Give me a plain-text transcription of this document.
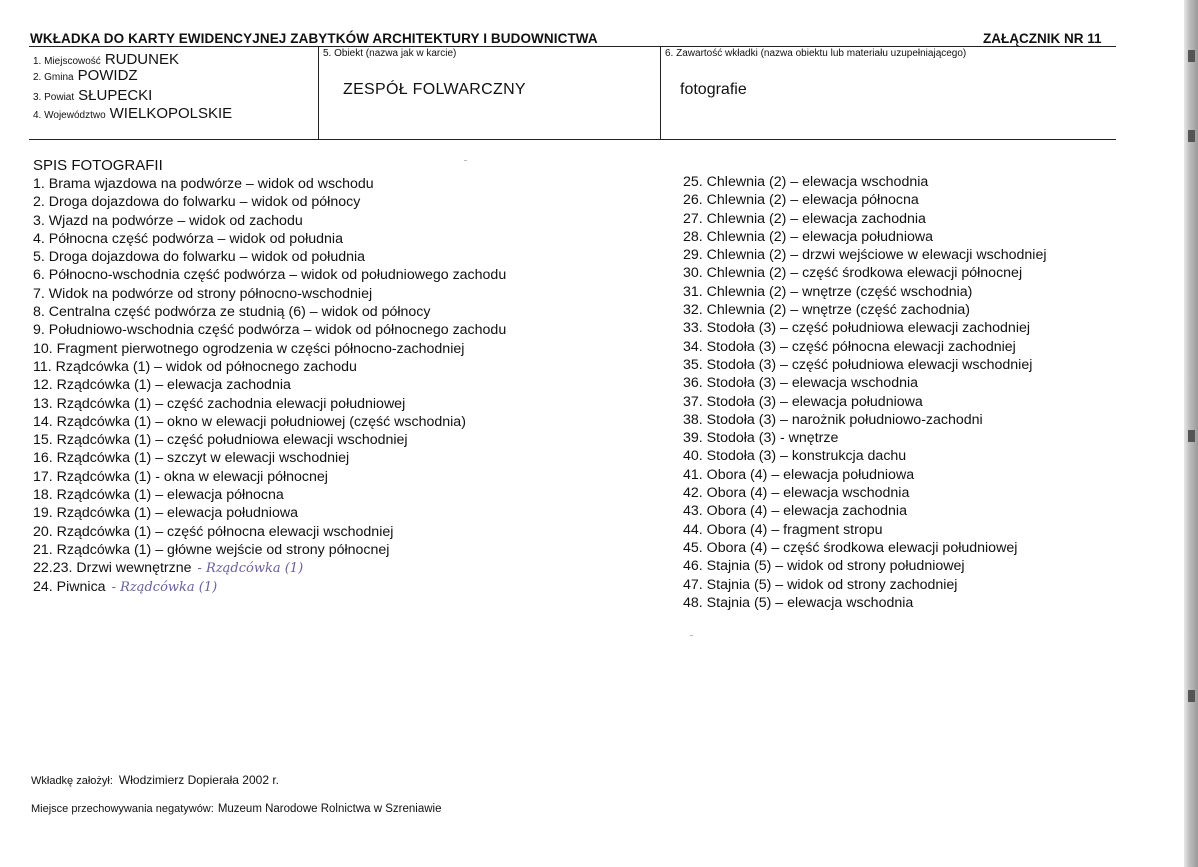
WKŁADKA DO KARTY EWIDENCYJNEJ ZABYTKÓW ARCHITEKTURY I BUDOWNICTWA	ZAŁĄCZNIK NR 11
1. Miejscowość RUDUNEK
2. Gmina POWIDZ
3. Powiat SŁUPECKI
4. Województwo WIELKOPOLSKIE
5. Obiekt (nazwa jak w karcie)
ZESPÓŁ FOLWARCZNY
6. Zawartość wkładki (nazwa obiektu lub materiału uzupełniającego)
fotografie
SPIS FOTOGRAFII
1. Brama wjazdowa na podwórze – widok od wschodu
2. Droga dojazdowa do folwarku – widok od północy
3. Wjazd na podwórze – widok od zachodu
4. Północna część podwórza – widok od południa
5. Droga dojazdowa do folwarku – widok od południa
6. Północno-wschodnia część podwórza – widok od południowego zachodu
7. Widok na podwórze od strony północno-wschodniej
8. Centralna część podwórza ze studnią (6) – widok od północy
9. Południowo-wschodnia część podwórza – widok od północnego zachodu
10. Fragment pierwotnego ogrodzenia w części północno-zachodniej
11. Rządcówka (1) – widok od północnego zachodu
12. Rządcówka (1) – elewacja zachodnia
13. Rządcówka (1) – część zachodnia elewacji południowej
14. Rządcówka (1) – okno w elewacji południowej (część wschodnia)
15. Rządcówka (1) – część południowa elewacji wschodniej
16. Rządcówka (1) – szczyt w elewacji wschodniej
17. Rządcówka (1) - okna w elewacji północnej
18. Rządcówka (1) – elewacja północna
19. Rządcówka (1) – elewacja południowa
20. Rządcówka (1) – część północna elewacji wschodniej
21. Rządcówka (1) – główne wejście od strony północnej
22.23. Drzwi wewnętrzne - Rządcówka (1)
24. Piwnica - Rządcówka (1)
25. Chlewnia (2) – elewacja wschodnia
26. Chlewnia (2) – elewacja północna
27. Chlewnia (2) – elewacja zachodnia
28. Chlewnia (2) – elewacja południowa
29. Chlewnia (2) – drzwi wejściowe w elewacji wschodniej
30. Chlewnia (2) – część środkowa elewacji północnej
31. Chlewnia (2) – wnętrze (część wschodnia)
32. Chlewnia (2) – wnętrze (część zachodnia)
33. Stodoła (3) – część południowa elewacji zachodniej
34. Stodoła (3) – część północna elewacji zachodniej
35. Stodoła (3) – część południowa elewacji wschodniej
36. Stodoła (3) – elewacja wschodnia
37. Stodoła (3) – elewacja południowa
38. Stodoła (3) – narożnik południowo-zachodni
39. Stodoła (3) - wnętrze
40. Stodoła (3) – konstrukcja dachu
41. Obora (4) – elewacja południowa
42. Obora (4) – elewacja wschodnia
43. Obora (4) – elewacja zachodnia
44. Obora (4) – fragment stropu
45. Obora (4) – część środkowa elewacji południowej
46. Stajnia (5) – widok od strony południowej
47. Stajnia (5) – widok od strony zachodniej
48. Stajnia (5) – elewacja wschodnia
Wkładkę założył: Włodzimierz Dopierała 2002 r.
Miejsce przechowywania negatywów: Muzeum Narodowe Rolnictwa w Szreniawie
